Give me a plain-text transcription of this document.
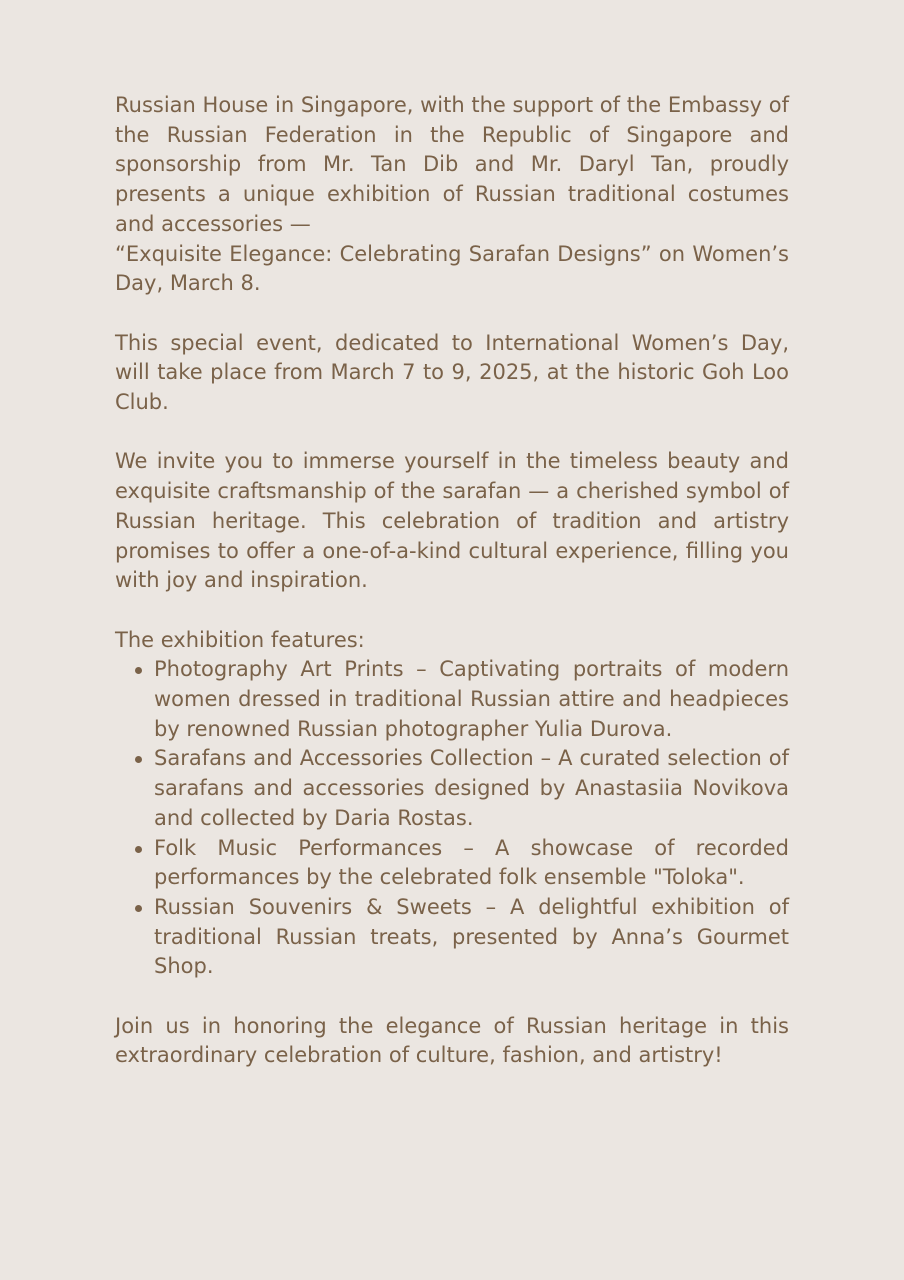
Russian House in Singapore, with the support of the Embassy of the Russian Federation in the Republic of Singapore and sponsorship from Mr. Tan Dib and Mr. Daryl Tan, proudly presents a unique exhibition of Russian traditional costumes and accessories —
“Exquisite Elegance: Celebrating Sarafan Designs” on Women’s Day, March 8.

This special event, dedicated to International Women’s Day, will take place from March 7 to 9, 2025, at the historic Goh Loo Club.

We invite you to immerse yourself in the timeless beauty and exquisite craftsmanship of the sarafan — a cherished symbol of Russian heritage. This celebration of tradition and artistry promises to offer a one-of-a-kind cultural experience, filling you with joy and inspiration.

The exhibition features:

Photography Art Prints – Captivating portraits of modern women dressed in traditional Russian attire and headpieces by renowned Russian photographer Yulia Durova.
Sarafans and Accessories Collection – A curated selection of sarafans and accessories designed by Anastasiia Novikova and collected by Daria Rostas.
Folk Music Performances – A showcase of recorded performances by the celebrated folk ensemble "Toloka".
Russian Souvenirs & Sweets – A delightful exhibition of traditional Russian treats, presented by Anna’s Gourmet Shop.

Join us in honoring the elegance of Russian heritage in this extraordinary celebration of culture, fashion, and artistry!
